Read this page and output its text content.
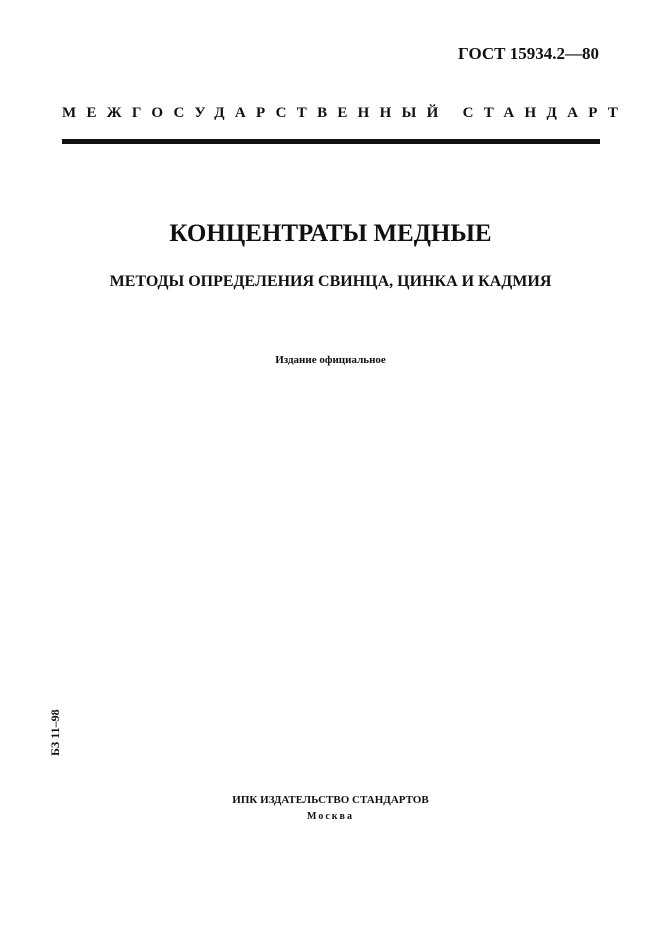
ГОСТ 15934.2—80
МЕЖГОСУДАРСТВЕННЫЙ СТАНДАРТ
КОНЦЕНТРАТЫ МЕДНЫЕ
МЕТОДЫ ОПРЕДЕЛЕНИЯ СВИНЦА, ЦИНКА И КАДМИЯ
Издание официальное
БЗ 11–98
ИПК ИЗДАТЕЛЬСТВО СТАНДАРТОВ
Москва
